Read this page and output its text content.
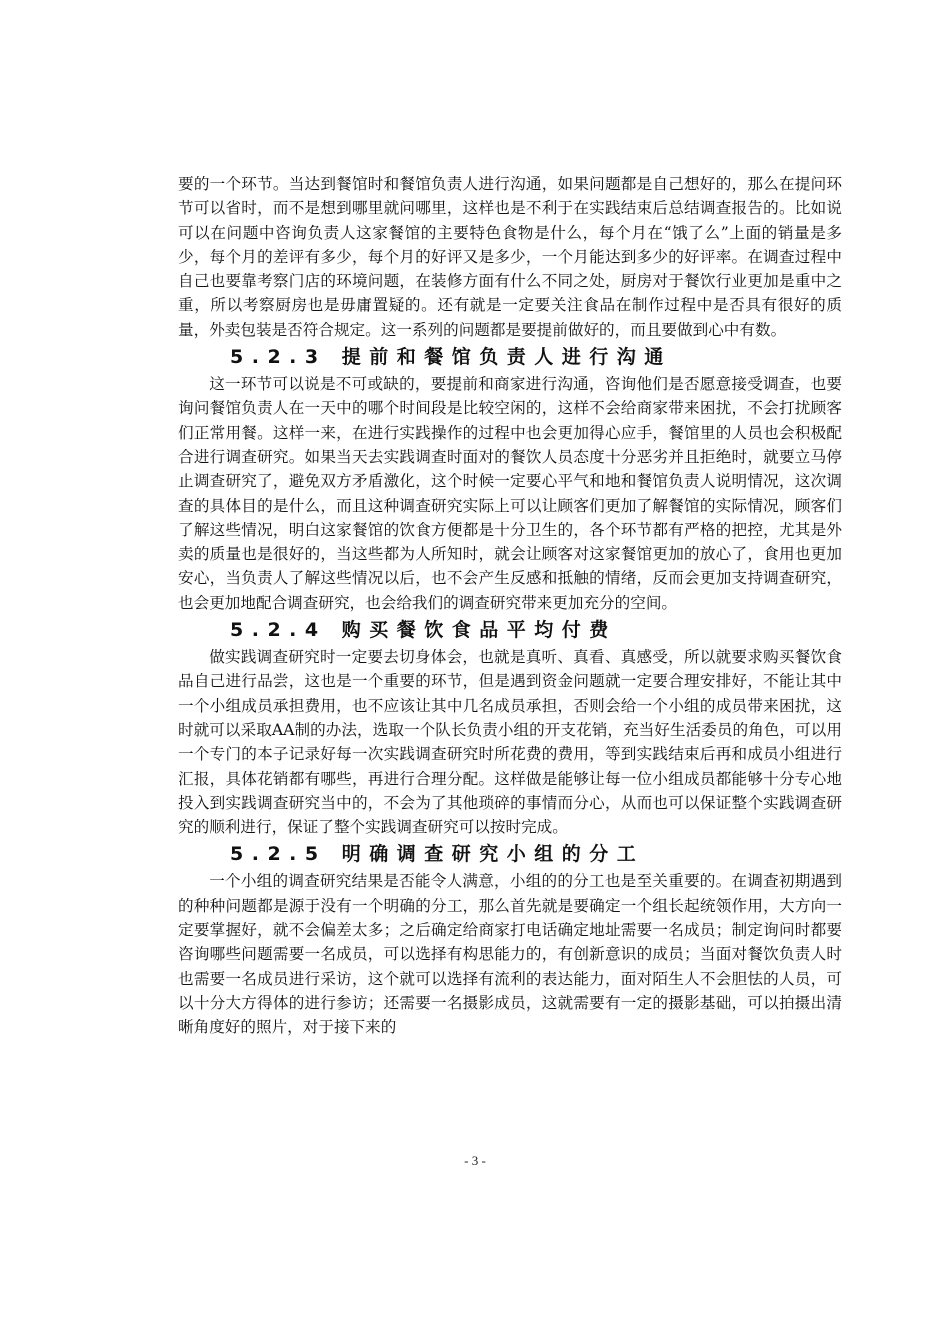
要的一个环节。当达到餐馆时和餐馆负责人进行沟通，如果问题都是自己想好的，那么在提问环节可以省时，而不是想到哪里就问哪里，这样也是不利于在实践结束后总结调查报告的。比如说可以在问题中咨询负责人这家餐馆的主要特色食物是什么，每个月在“饿了么”上面的销量是多少，每个月的差评有多少，每个月的好评又是多少，一个月能达到多少的好评率。在调查过程中自己也要靠考察门店的环境问题，在装修方面有什么不同之处，厨房对于餐饮行业更加是重中之重，所以考察厨房也是毋庸置疑的。还有就是一定要关注食品在制作过程中是否具有很好的质量，外卖包装是否符合规定。这一系列的问题都是要提前做好的，而且要做到心中有数。

5.2.3 提前和餐馆负责人进行沟通

这一环节可以说是不可或缺的，要提前和商家进行沟通，咨询他们是否愿意接受调查，也要询问餐馆负责人在一天中的哪个时间段是比较空闲的，这样不会给商家带来困扰，不会打扰顾客们正常用餐。这样一来，在进行实践操作的过程中也会更加得心应手，餐馆里的人员也会积极配合进行调查研究。如果当天去实践调查时面对的餐饮人员态度十分恶劣并且拒绝时，就要立马停止调查研究了，避免双方矛盾激化，这个时候一定要心平气和地和餐馆负责人说明情况，这次调查的具体目的是什么，而且这种调查研究实际上可以让顾客们更加了解餐馆的实际情况，顾客们了解这些情况，明白这家餐馆的饮食方便都是十分卫生的，各个环节都有严格的把控，尤其是外卖的质量也是很好的，当这些都为人所知时，就会让顾客对这家餐馆更加的放心了，食用也更加安心，当负责人了解这些情况以后，也不会产生反感和抵触的情绪，反而会更加支持调查研究，也会更加地配合调查研究，也会给我们的调查研究带来更加充分的空间。

5.2.4 购买餐饮食品平均付费

做实践调查研究时一定要去切身体会，也就是真听、真看、真感受，所以就要求购买餐饮食品自己进行品尝，这也是一个重要的环节，但是遇到资金问题就一定要合理安排好，不能让其中一个小组成员承担费用，也不应该让其中几名成员承担，否则会给一个小组的成员带来困扰，这时就可以采取AA制的办法，选取一个队长负责小组的开支花销，充当好生活委员的角色，可以用一个专门的本子记录好每一次实践调查研究时所花费的费用，等到实践结束后再和成员小组进行汇报，具体花销都有哪些，再进行合理分配。这样做是能够让每一位小组成员都能够十分专心地投入到实践调查研究当中的，不会为了其他琐碎的事情而分心，从而也可以保证整个实践调查研究的顺利进行，保证了整个实践调查研究可以按时完成。

5.2.5 明确调查研究小组的分工

一个小组的调查研究结果是否能令人满意，小组的的分工也是至关重要的。在调查初期遇到的种种问题都是源于没有一个明确的分工，那么首先就是要确定一个组长起统领作用，大方向一定要掌握好，就不会偏差太多；之后确定给商家打电话确定地址需要一名成员；制定询问时都要咨询哪些问题需要一名成员，可以选择有构思能力的，有创新意识的成员；当面对餐饮负责人时也需要一名成员进行采访，这个就可以选择有流利的表达能力，面对陌生人不会胆怯的人员，可以十分大方得体的进行参访；还需要一名摄影成员，这就需要有一定的摄影基础，可以拍摄出清晰角度好的照片，对于接下来的

- 3 -
